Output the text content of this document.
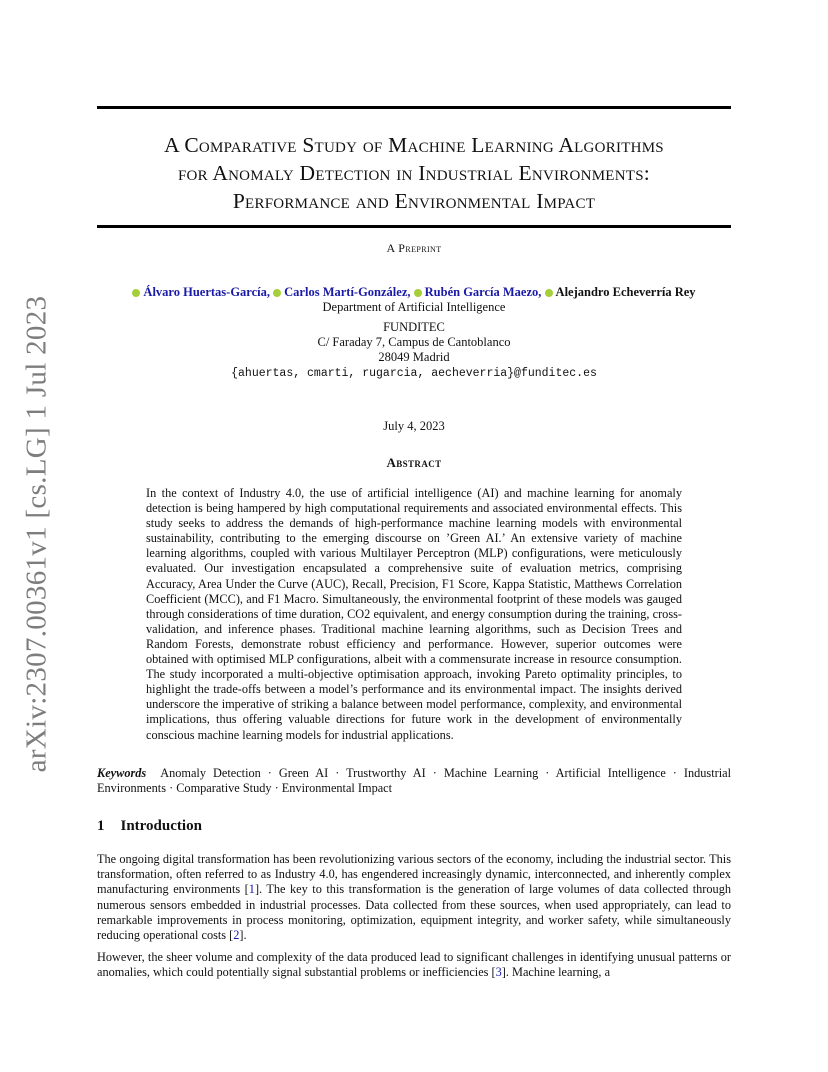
arXiv:2307.00361v1 [cs.LG] 1 Jul 2023
A Comparative Study of Machine Learning Algorithms
for Anomaly Detection in Industrial Environments:
Performance and Environmental Impact
A Preprint
Álvaro Huertas-García, Carlos Martí-González, Rubén García Maezo, Alejandro Echeverría Rey
Department of Artificial Intelligence
FUNDITEC
C/ Faraday 7, Campus de Cantoblanco
28049 Madrid
{ahuertas, cmarti, rugarcia, aecheverria}@funditec.es
July 4, 2023
Abstract
In the context of Industry 4.0, the use of artificial intelligence (AI) and machine learning for anomaly detection is being hampered by high computational requirements and associated environmental effects. This study seeks to address the demands of high-performance machine learning models with environmental sustainability, contributing to the emerging discourse on ’Green AI.’ An extensive variety of machine learning algorithms, coupled with various Multilayer Perceptron (MLP) configurations, were meticulously evaluated. Our investigation encapsulated a comprehensive suite of evaluation metrics, comprising Accuracy, Area Under the Curve (AUC), Recall, Precision, F1 Score, Kappa Statistic, Matthews Correlation Coefficient (MCC), and F1 Macro. Simultaneously, the environmental footprint of these models was gauged through considerations of time duration, CO2 equivalent, and energy consumption during the training, cross-validation, and inference phases. Traditional machine learning algorithms, such as Decision Trees and Random Forests, demonstrate robust efficiency and performance. However, superior outcomes were obtained with optimised MLP configurations, albeit with a commensurate increase in resource consumption. The study incorporated a multi-objective optimisation approach, invoking Pareto optimality principles, to highlight the trade-offs between a model’s performance and its environmental impact. The insights derived underscore the imperative of striking a balance between model performance, complexity, and environmental implications, thus offering valuable directions for future work in the development of environmentally conscious machine learning models for industrial applications.
Keywords Anomaly Detection · Green AI · Trustworthy AI · Machine Learning · Artificial Intelligence · Industrial Environments · Comparative Study · Environmental Impact
1 Introduction
The ongoing digital transformation has been revolutionizing various sectors of the economy, including the industrial sector. This transformation, often referred to as Industry 4.0, has engendered increasingly dynamic, interconnected, and inherently complex manufacturing environments [1]. The key to this transformation is the generation of large volumes of data collected through numerous sensors embedded in industrial processes. Data collected from these sources, when used appropriately, can lead to remarkable improvements in process monitoring, optimization, equipment integrity, and worker safety, while simultaneously reducing operational costs [2].
However, the sheer volume and complexity of the data produced lead to significant challenges in identifying unusual patterns or anomalies, which could potentially signal substantial problems or inefficiencies [3]. Machine learning, a
